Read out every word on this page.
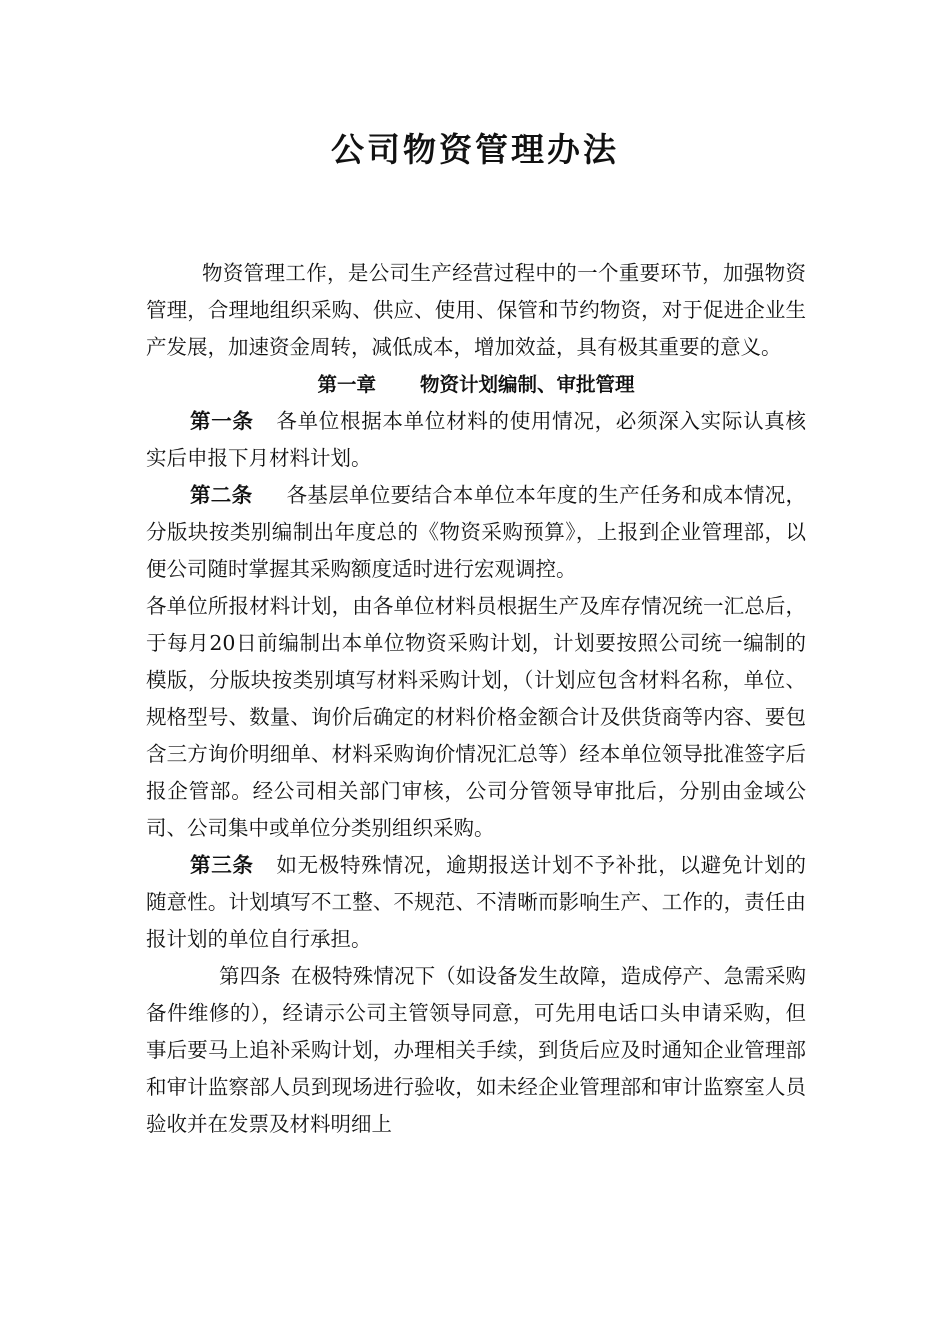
公司物资管理办法

物资管理工作，是公司生产经营过程中的一个重要环节，加强物资管理，合理地组织采购、供应、使用、保管和节约物资，对于促进企业生产发展，加速资金周转，减低成本，增加效益，具有极其重要的意义。

第一章 物资计划编制、审批管理

第一条 各单位根据本单位材料的使用情况，必须深入实际认真核实后申报下月材料计划。

第二条 各基层单位要结合本单位本年度的生产任务和成本情况，分版块按类别编制出年度总的《物资采购预算》，上报到企业管理部，以便公司随时掌握其采购额度适时进行宏观调控。

各单位所报材料计划，由各单位材料员根据生产及库存情况统一汇总后，于每月20日前编制出本单位物资采购计划，计划要按照公司统一编制的模版，分版块按类别填写材料采购计划，（计划应包含材料名称，单位、规格型号、数量、询价后确定的材料价格金额合计及供货商等内容、要包含三方询价明细单、材料采购询价情况汇总等）经本单位领导批准签字后报企管部。经公司相关部门审核，公司分管领导审批后，分别由金域公司、公司集中或单位分类别组织采购。

第三条 如无极特殊情况，逾期报送计划不予补批，以避免计划的随意性。计划填写不工整、不规范、不清晰而影响生产、工作的，责任由报计划的单位自行承担。

第四条 在极特殊情况下（如设备发生故障，造成停产、急需采购备件维修的），经请示公司主管领导同意，可先用电话口头申请采购，但事后要马上追补采购计划，办理相关手续，到货后应及时通知企业管理部和审计监察部人员到现场进行验收，如未经企业管理部和审计监察室人员验收并在发票及材料明细上
